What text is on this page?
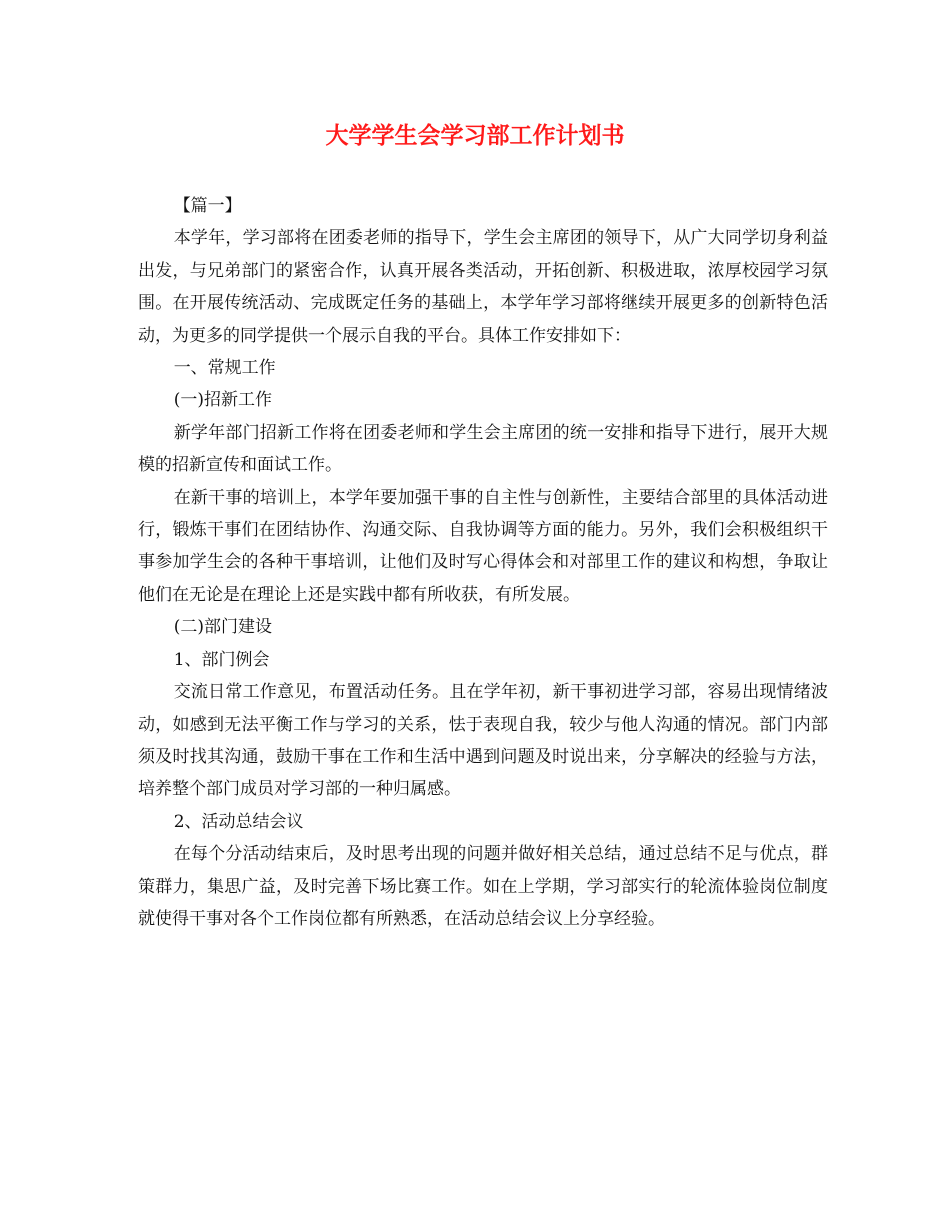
大学学生会学习部工作计划书

【篇一】

本学年，学习部将在团委老师的指导下，学生会主席团的领导下，从广大同学切身利益出发，与兄弟部门的紧密合作，认真开展各类活动，开拓创新、积极进取，浓厚校园学习氛围。在开展传统活动、完成既定任务的基础上，本学年学习部将继续开展更多的创新特色活动，为更多的同学提供一个展示自我的平台。具体工作安排如下：

一、常规工作

(一)招新工作

新学年部门招新工作将在团委老师和学生会主席团的统一安排和指导下进行，展开大规模的招新宣传和面试工作。

在新干事的培训上，本学年要加强干事的自主性与创新性，主要结合部里的具体活动进行，锻炼干事们在团结协作、沟通交际、自我协调等方面的能力。另外，我们会积极组织干事参加学生会的各种干事培训，让他们及时写心得体会和对部里工作的建议和构想，争取让他们在无论是在理论上还是实践中都有所收获，有所发展。

(二)部门建设

1、部门例会

交流日常工作意见，布置活动任务。且在学年初，新干事初进学习部，容易出现情绪波动，如感到无法平衡工作与学习的关系，怯于表现自我，较少与他人沟通的情况。部门内部须及时找其沟通，鼓励干事在工作和生活中遇到问题及时说出来，分享解决的经验与方法，培养整个部门成员对学习部的一种归属感。

2、活动总结会议

在每个分活动结束后，及时思考出现的问题并做好相关总结，通过总结不足与优点，群策群力，集思广益，及时完善下场比赛工作。如在上学期，学习部实行的轮流体验岗位制度就使得干事对各个工作岗位都有所熟悉，在活动总结会议上分享经验。
